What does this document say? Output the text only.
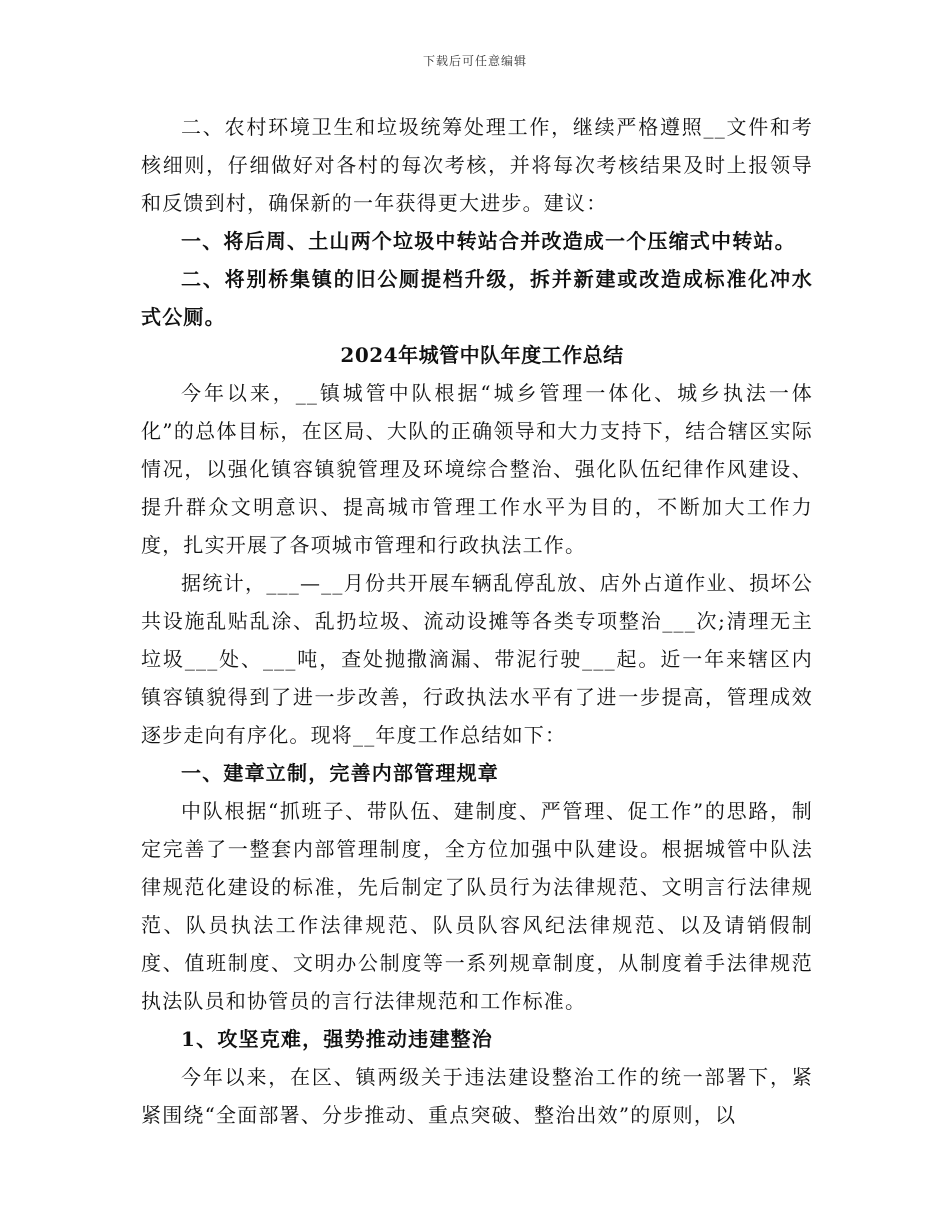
下载后可任意编辑

二、农村环境卫生和垃圾统筹处理工作，继续严格遵照__文件和考核细则，仔细做好对各村的每次考核，并将每次考核结果及时上报领导和反馈到村，确保新的一年获得更大进步。建议：

一、将后周、土山两个垃圾中转站合并改造成一个压缩式中转站。

二、将别桥集镇的旧公厕提档升级，拆并新建或改造成标准化冲水式公厕。

2024年城管中队年度工作总结

今年以来，__镇城管中队根据“城乡管理一体化、城乡执法一体化”的总体目标，在区局、大队的正确领导和大力支持下，结合辖区实际情况，以强化镇容镇貌管理及环境综合整治、强化队伍纪律作风建设、提升群众文明意识、提高城市管理工作水平为目的，不断加大工作力度，扎实开展了各项城市管理和行政执法工作。

据统计，___—__月份共开展车辆乱停乱放、店外占道作业、损坏公共设施乱贴乱涂、乱扔垃圾、流动设摊等各类专项整治___次;清理无主垃圾___处、___吨，查处抛撒滴漏、带泥行驶___起。近一年来辖区内镇容镇貌得到了进一步改善，行政执法水平有了进一步提高，管理成效逐步走向有序化。现将__年度工作总结如下：

一、建章立制，完善内部管理规章

中队根据“抓班子、带队伍、建制度、严管理、促工作”的思路，制定完善了一整套内部管理制度，全方位加强中队建设。根据城管中队法律规范化建设的标准，先后制定了队员行为法律规范、文明言行法律规范、队员执法工作法律规范、队员队容风纪法律规范、以及请销假制度、值班制度、文明办公制度等一系列规章制度，从制度着手法律规范执法队员和协管员的言行法律规范和工作标准。

1、攻坚克难，强势推动违建整治

今年以来，在区、镇两级关于违法建设整治工作的统一部署下，紧紧围绕“全面部署、分步推动、重点突破、整治出效”的原则，以
